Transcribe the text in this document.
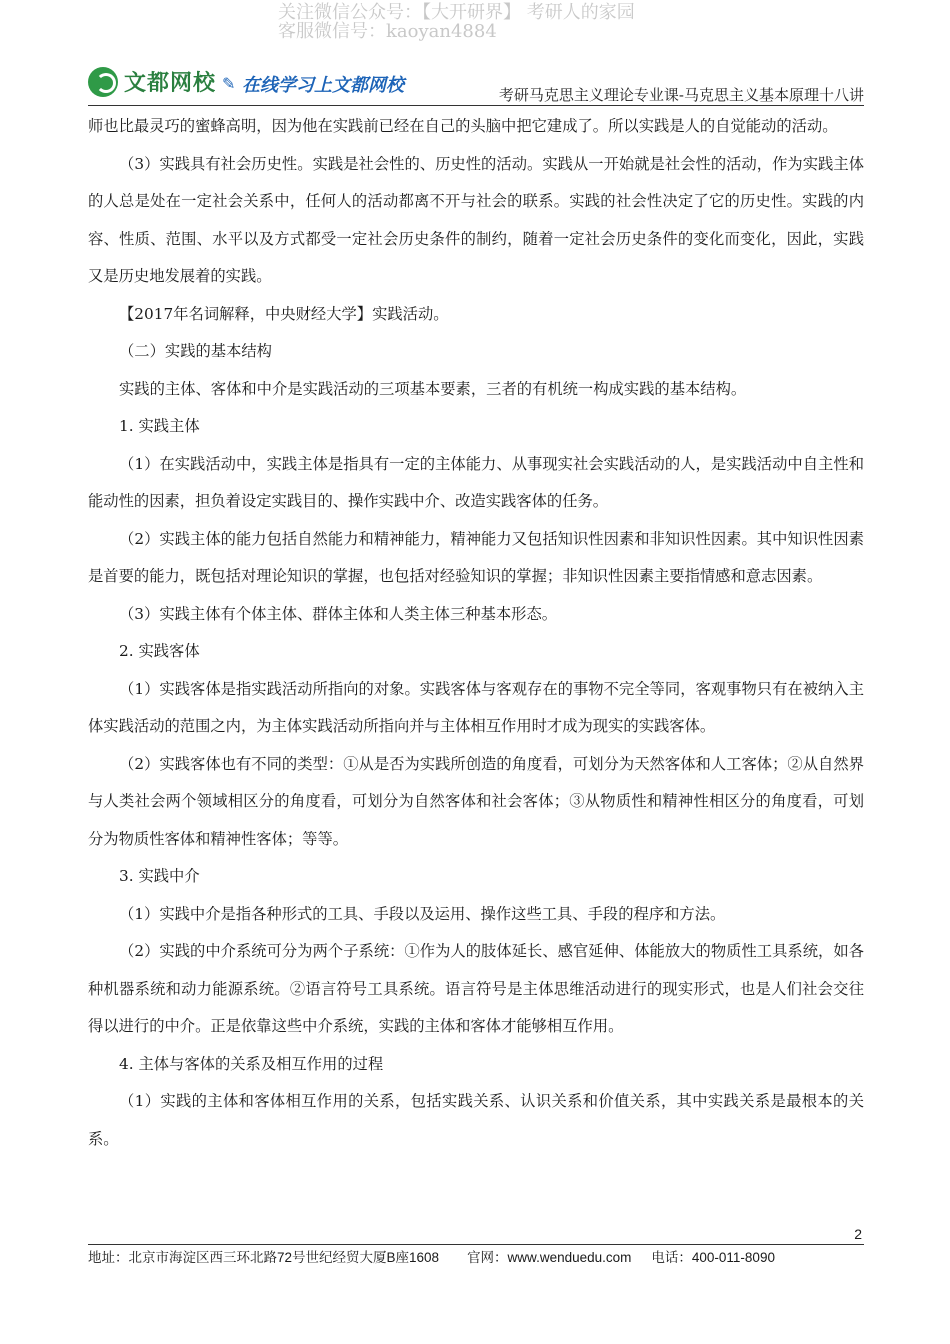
关注微信公众号：【大开研界】 考研人的家园
客服微信号：kaoyan4884
文都网校 ✎ 在线学习上文都网校	考研马克思主义理论专业课-马克思主义基本原理十八讲

师也比最灵巧的蜜蜂高明，因为他在实践前已经在自己的头脑中把它建成了。所以实践是人的自觉能动的活动。

（3）实践具有社会历史性。实践是社会性的、历史性的活动。实践从一开始就是社会性的活动，作为实践主体的人总是处在一定社会关系中，任何人的活动都离不开与社会的联系。实践的社会性决定了它的历史性。实践的内容、性质、范围、水平以及方式都受一定社会历史条件的制约，随着一定社会历史条件的变化而变化，因此，实践又是历史地发展着的实践。

【2017年名词解释，中央财经大学】实践活动。

（二）实践的基本结构

实践的主体、客体和中介是实践活动的三项基本要素，三者的有机统一构成实践的基本结构。

1. 实践主体

（1）在实践活动中，实践主体是指具有一定的主体能力、从事现实社会实践活动的人，是实践活动中自主性和能动性的因素，担负着设定实践目的、操作实践中介、改造实践客体的任务。

（2）实践主体的能力包括自然能力和精神能力，精神能力又包括知识性因素和非知识性因素。其中知识性因素是首要的能力，既包括对理论知识的掌握，也包括对经验知识的掌握；非知识性因素主要指情感和意志因素。

（3）实践主体有个体主体、群体主体和人类主体三种基本形态。

2. 实践客体

（1）实践客体是指实践活动所指向的对象。实践客体与客观存在的事物不完全等同，客观事物只有在被纳入主体实践活动的范围之内，为主体实践活动所指向并与主体相互作用时才成为现实的实践客体。

（2）实践客体也有不同的类型：①从是否为实践所创造的角度看，可划分为天然客体和人工客体；②从自然界与人类社会两个领域相区分的角度看，可划分为自然客体和社会客体；③从物质性和精神性相区分的角度看，可划分为物质性客体和精神性客体；等等。

3. 实践中介

（1）实践中介是指各种形式的工具、手段以及运用、操作这些工具、手段的程序和方法。

（2）实践的中介系统可分为两个子系统：①作为人的肢体延长、感官延伸、体能放大的物质性工具系统，如各种机器系统和动力能源系统。②语言符号工具系统。语言符号是主体思维活动进行的现实形式，也是人们社会交往得以进行的中介。正是依靠这些中介系统，实践的主体和客体才能够相互作用。

4. 主体与客体的关系及相互作用的过程

（1）实践的主体和客体相互作用的关系，包括实践关系、认识关系和价值关系，其中实践关系是最根本的关系。

2
地址：北京市海淀区西三环北路72号世纪经贸大厦B座1608 官网：www.wenduedu.com 电话：400-011-8090
